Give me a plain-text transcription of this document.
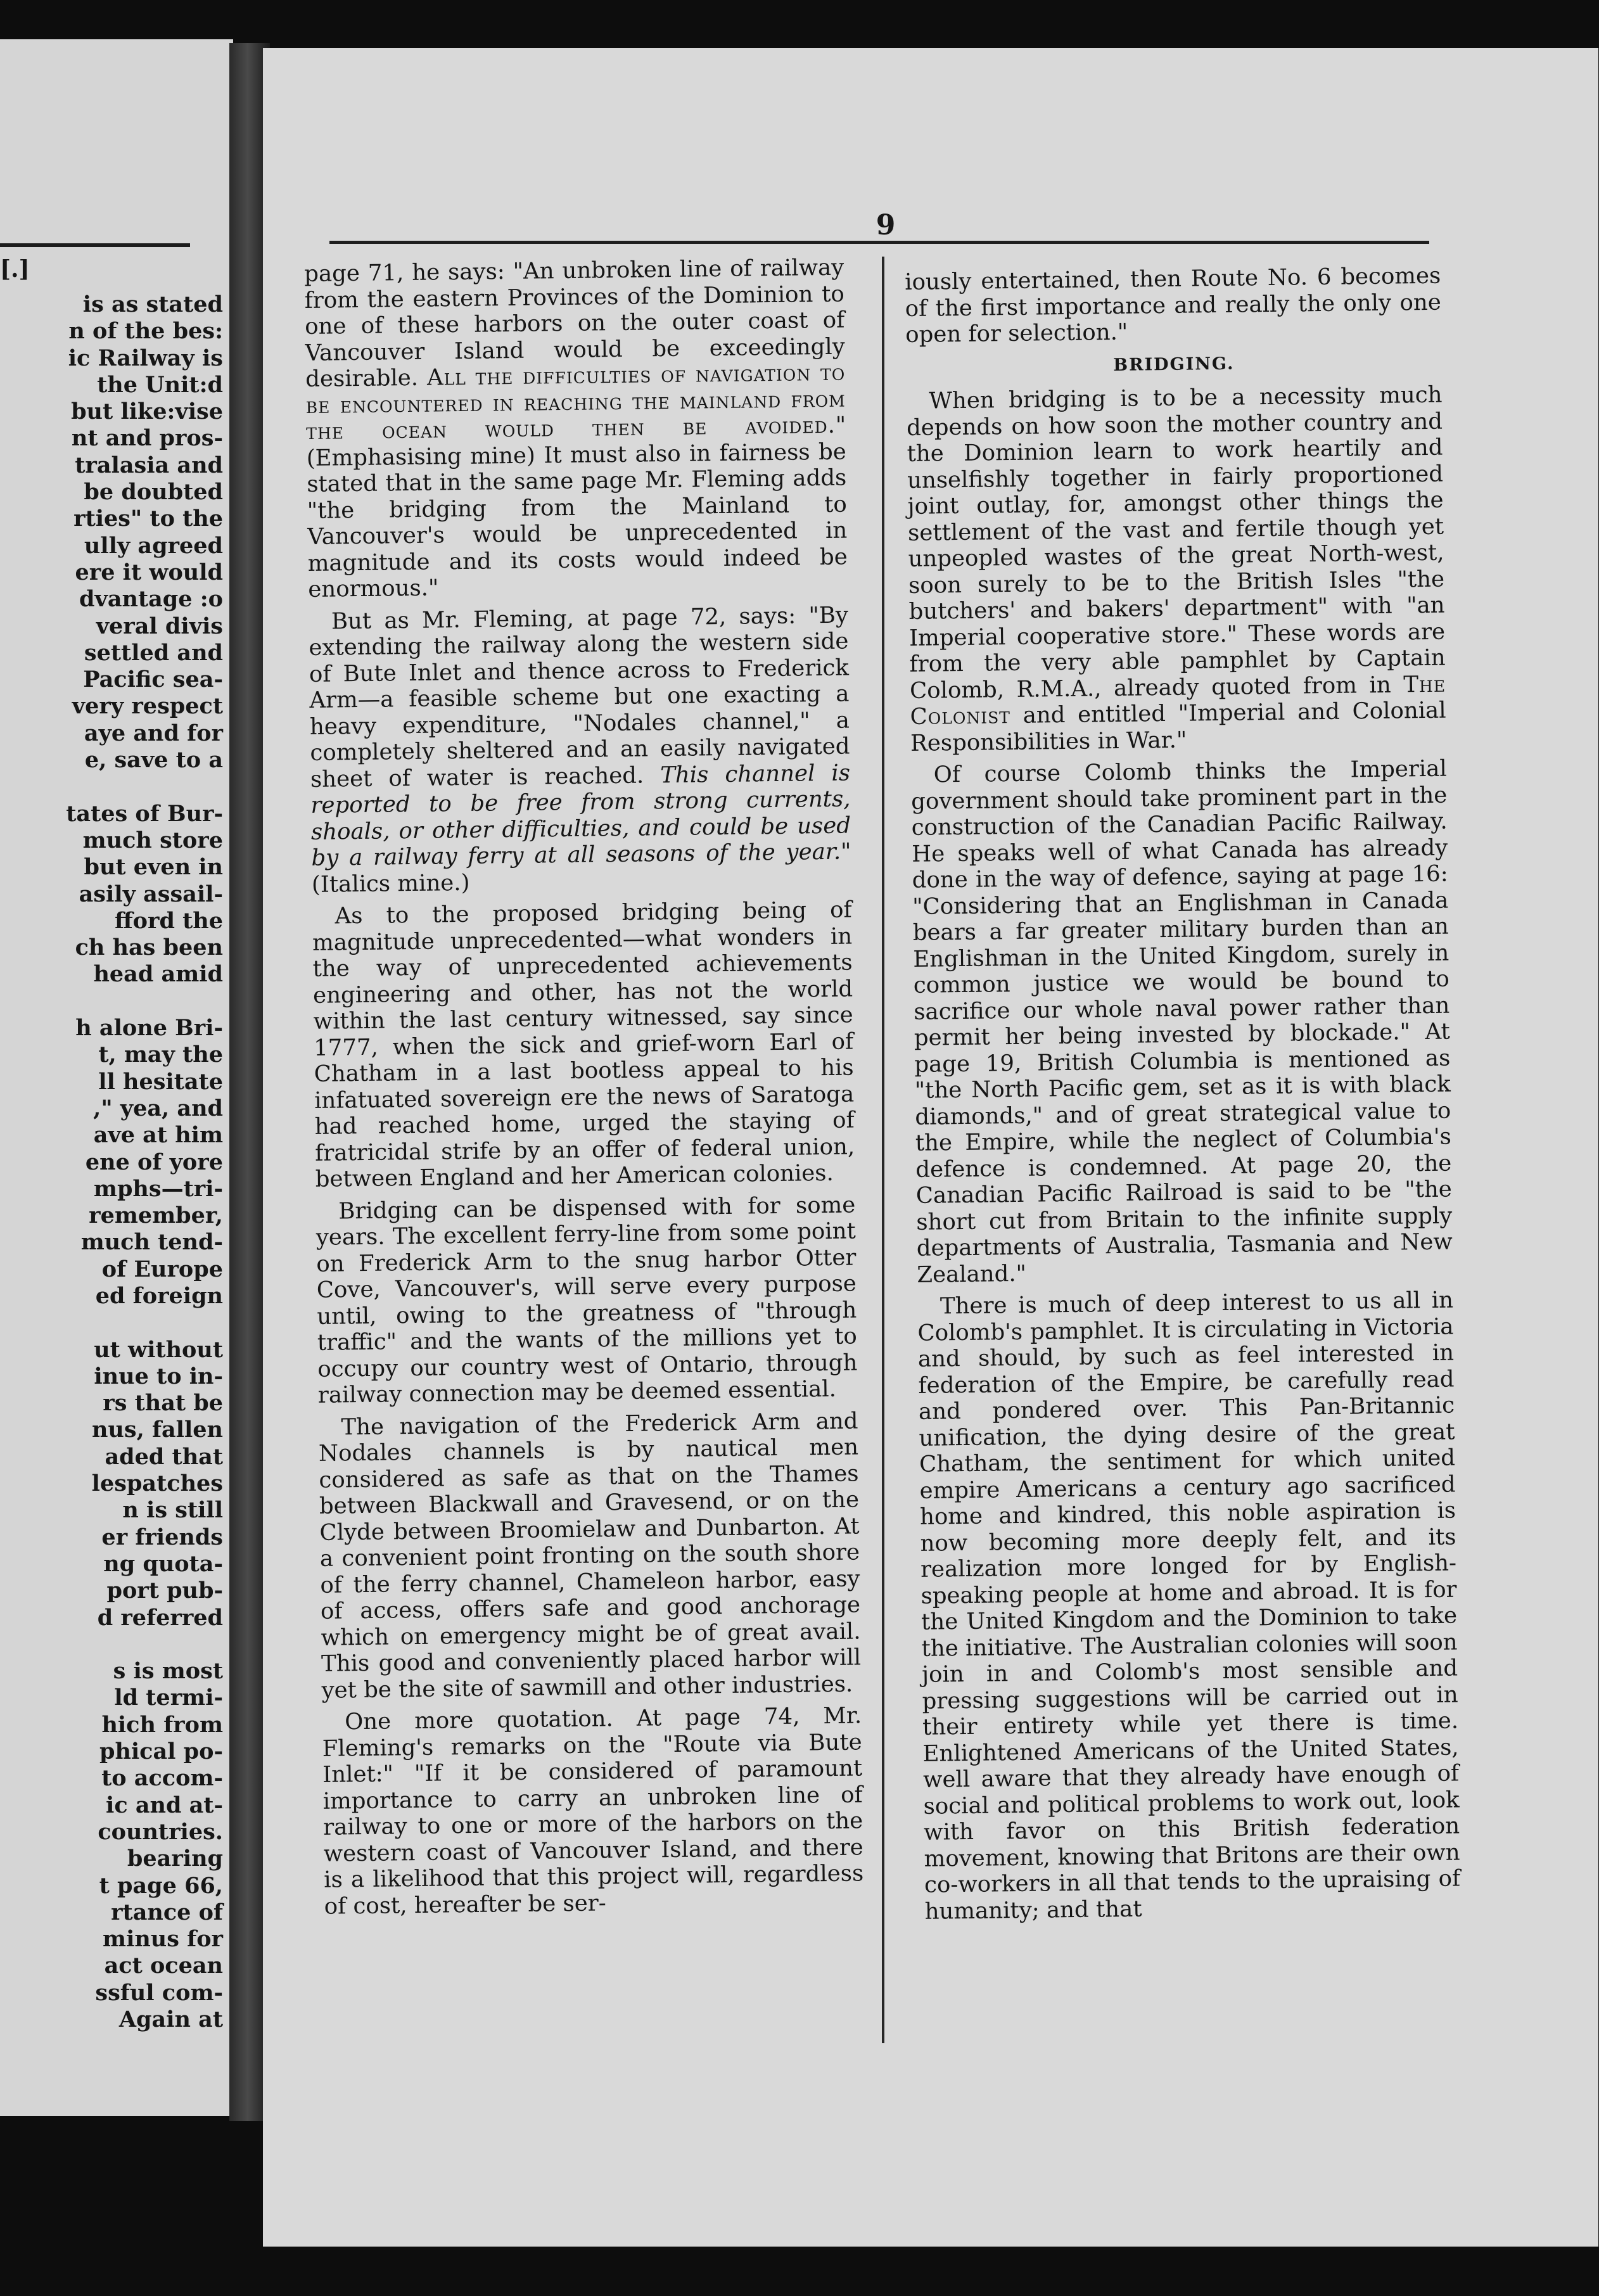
[.]
is as stated
n of the bes:
ic Railway is
the Unit:d
but like:vise
nt and pros-
tralasia and
be doubted
rties" to the
ully agreed
ere it would
dvantage :o
veral divis
settled and
Pacific sea-
very respect
aye and for
e, save to a
tates of Bur-
much store
but even in
asily assail-
fford the
ch has been
head amid
h alone Bri-
t, may the
ll hesitate
," yea, and
ave at him
ene of yore
mphs—tri-
remember,
much tend-
of Europe
ed foreign
ut without
inue to in-
rs that be
nus, fallen
aded that
lespatches
n is still
er friends
ng quota-
port pub-
d referred
s is most
ld termi-
hich from
phical po-
to accom-
ic and at-
countries.
bearing
t page 66,
rtance of
minus for
act ocean
ssful com-
Again at
9

page 71, he says: "An unbroken line of railway from the eastern Provinces of the Dominion to one of these harbors on the outer coast of Vancouver Island would be exceedingly desirable. All the difficulties of navigation to be encountered in reaching the mainland from the ocean would then be avoided." (Emphasising mine) It must also in fairness be stated that in the same page Mr. Fleming adds "the bridging from the Mainland to Vancouver's would be unprecedented in magnitude and its costs would indeed be enormous."

But as Mr. Fleming, at page 72, says: "By extending the railway along the western side of Bute Inlet and thence across to Frederick Arm—a feasible scheme but one exacting a heavy expenditure, "Nodales channel," a completely sheltered and an easily navigated sheet of water is reached. This channel is reported to be free from strong currents, shoals, or other difficulties, and could be used by a railway ferry at all seasons of the year." (Italics mine.)

As to the proposed bridging being of magnitude unprecedented—what wonders in the way of unprecedented achievements engineering and other, has not the world within the last century witnessed, say since 1777, when the sick and grief-worn Earl of Chatham in a last bootless appeal to his infatuated sovereign ere the news of Saratoga had reached home, urged the staying of fratricidal strife by an offer of federal union, between England and her American colonies.

Bridging can be dispensed with for some years. The excellent ferry-line from some point on Frederick Arm to the snug harbor Otter Cove, Vancouver's, will serve every purpose until, owing to the greatness of "through traffic" and the wants of the millions yet to occupy our country west of Ontario, through railway connection may be deemed essential.

The navigation of the Frederick Arm and Nodales channels is by nautical men considered as safe as that on the Thames between Blackwall and Gravesend, or on the Clyde between Broomielaw and Dunbarton. At a convenient point fronting on the south shore of the ferry channel, Chameleon harbor, easy of access, offers safe and good anchorage which on emergency might be of great avail. This good and conveniently placed harbor will yet be the site of sawmill and other industries.

One more quotation. At page 74, Mr. Fleming's remarks on the "Route via Bute Inlet:" "If it be considered of paramount importance to carry an unbroken line of railway to one or more of the harbors on the western coast of Vancouver Island, and there is a likelihood that this project will, regardless of cost, hereafter be ser-

iously entertained, then Route No. 6 becomes of the first importance and really the only one open for selection."

BRIDGING.

When bridging is to be a necessity much depends on how soon the mother country and the Dominion learn to work heartily and unselfishly together in fairly proportioned joint outlay, for, amongst other things the settlement of the vast and fertile though yet unpeopled wastes of the great North-west, soon surely to be to the British Isles "the butchers' and bakers' department" with "an Imperial cooperative store." These words are from the very able pamphlet by Captain Colomb, R.M.A., already quoted from in The Colonist and entitled "Imperial and Colonial Responsibilities in War."

Of course Colomb thinks the Imperial government should take prominent part in the construction of the Canadian Pacific Railway. He speaks well of what Canada has already done in the way of defence, saying at page 16: "Considering that an Englishman in Canada bears a far greater military burden than an Englishman in the United Kingdom, surely in common justice we would be bound to sacrifice our whole naval power rather than permit her being invested by blockade." At page 19, British Columbia is mentioned as "the North Pacific gem, set as it is with black diamonds," and of great strategical value to the Empire, while the neglect of Columbia's defence is condemned. At page 20, the Canadian Pacific Railroad is said to be "the short cut from Britain to the infinite supply departments of Australia, Tasmania and New Zealand."

There is much of deep interest to us all in Colomb's pamphlet. It is circulating in Victoria and should, by such as feel interested in federation of the Empire, be carefully read and pondered over. This Pan-Britannic unification, the dying desire of the great Chatham, the sentiment for which united empire Americans a century ago sacrificed home and kindred, this noble aspiration is now becoming more deeply felt, and its realization more longed for by English-speaking people at home and abroad. It is for the United Kingdom and the Dominion to take the initiative. The Australian colonies will soon join in and Colomb's most sensible and pressing suggestions will be carried out in their entirety while yet there is time. Enlightened Americans of the United States, well aware that they already have enough of social and political problems to work out, look with favor on this British federation movement, knowing that Britons are their own co-workers in all that tends to the upraising of humanity; and that
